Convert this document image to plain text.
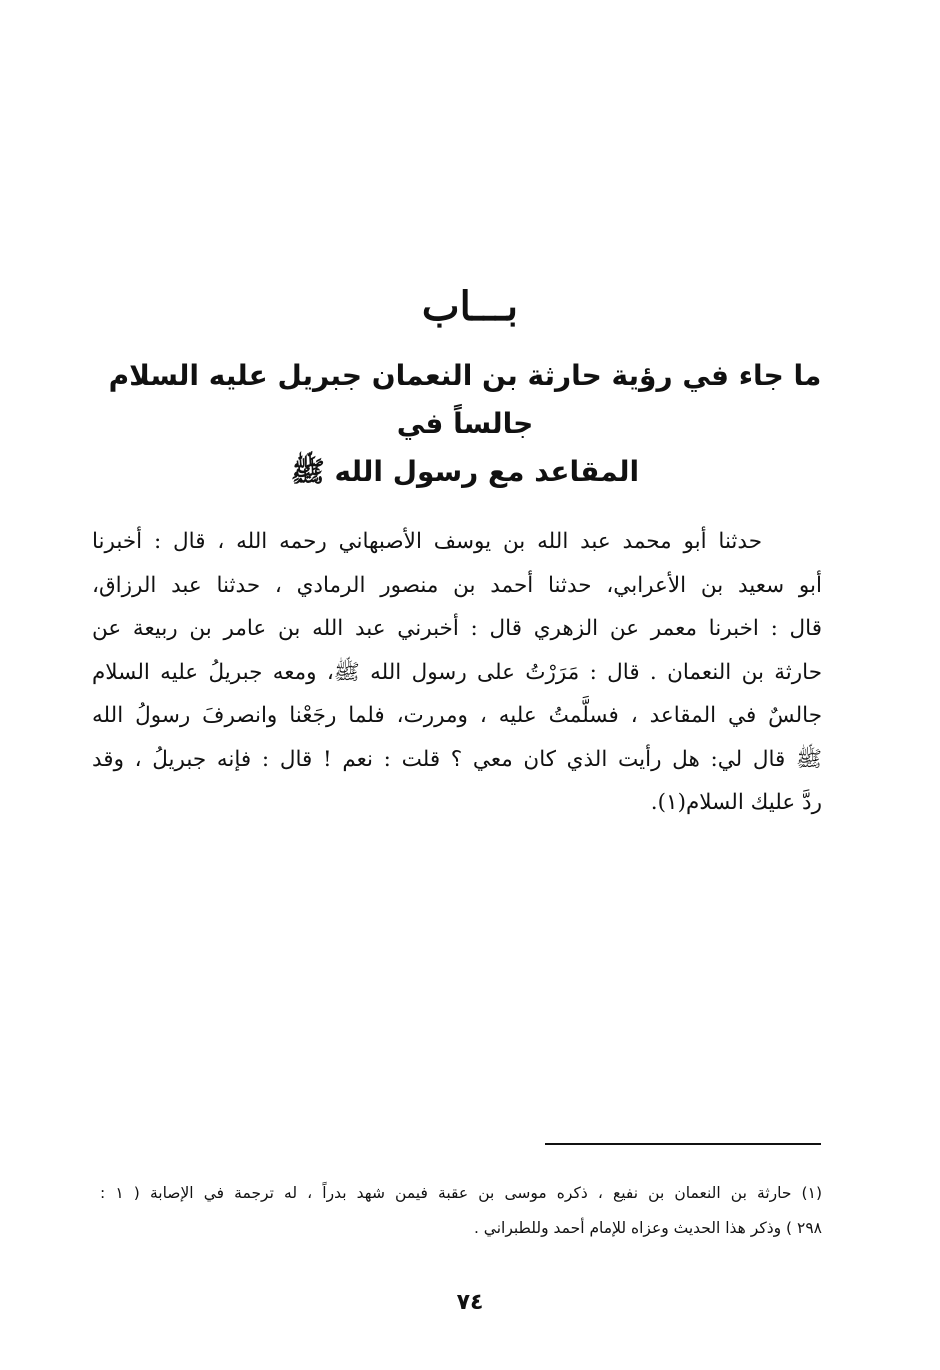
بـــاب
ما جاء في رؤية حارثة بن النعمان جبريل عليه السلام جالساً في
المقاعد مع رسول الله ﷺ
حدثنا أبو محمد عبد الله بن يوسف الأصبهاني رحمه الله ، قال : أخبرنا
أبو سعيد بن الأعرابي، حدثنا أحمد بن منصور الرمادي ، حدثنا عبد الرزاق،
قال : اخبرنا معمر عن الزهري قال : أخبرني عبد الله بن عامر بن ربيعة عن
حارثة بن النعمان . قال : مَرَرْتُ على رسول الله ﷺ، ومعه جبريلُ عليه السلام
جالسٌ في المقاعد ، فسلَّمتُ عليه ، ومررت، فلما رجَعْنا وانصرفَ رسولُ الله
ﷺ قال لي: هل رأيت الذي كان معي ؟ قلت : نعم ! قال : فإنه جبريلُ ، وقد
ردَّ عليك السلام(١).
(١) حارثة بن النعمان بن نفيع ، ذكره موسى بن عقبة فيمن شهد بدراً ، له ترجمة في الإصابة ( ١ :
٢٩٨ ) وذكر هذا الحديث وعزاه للإمام أحمد وللطبراني .
٧٤
